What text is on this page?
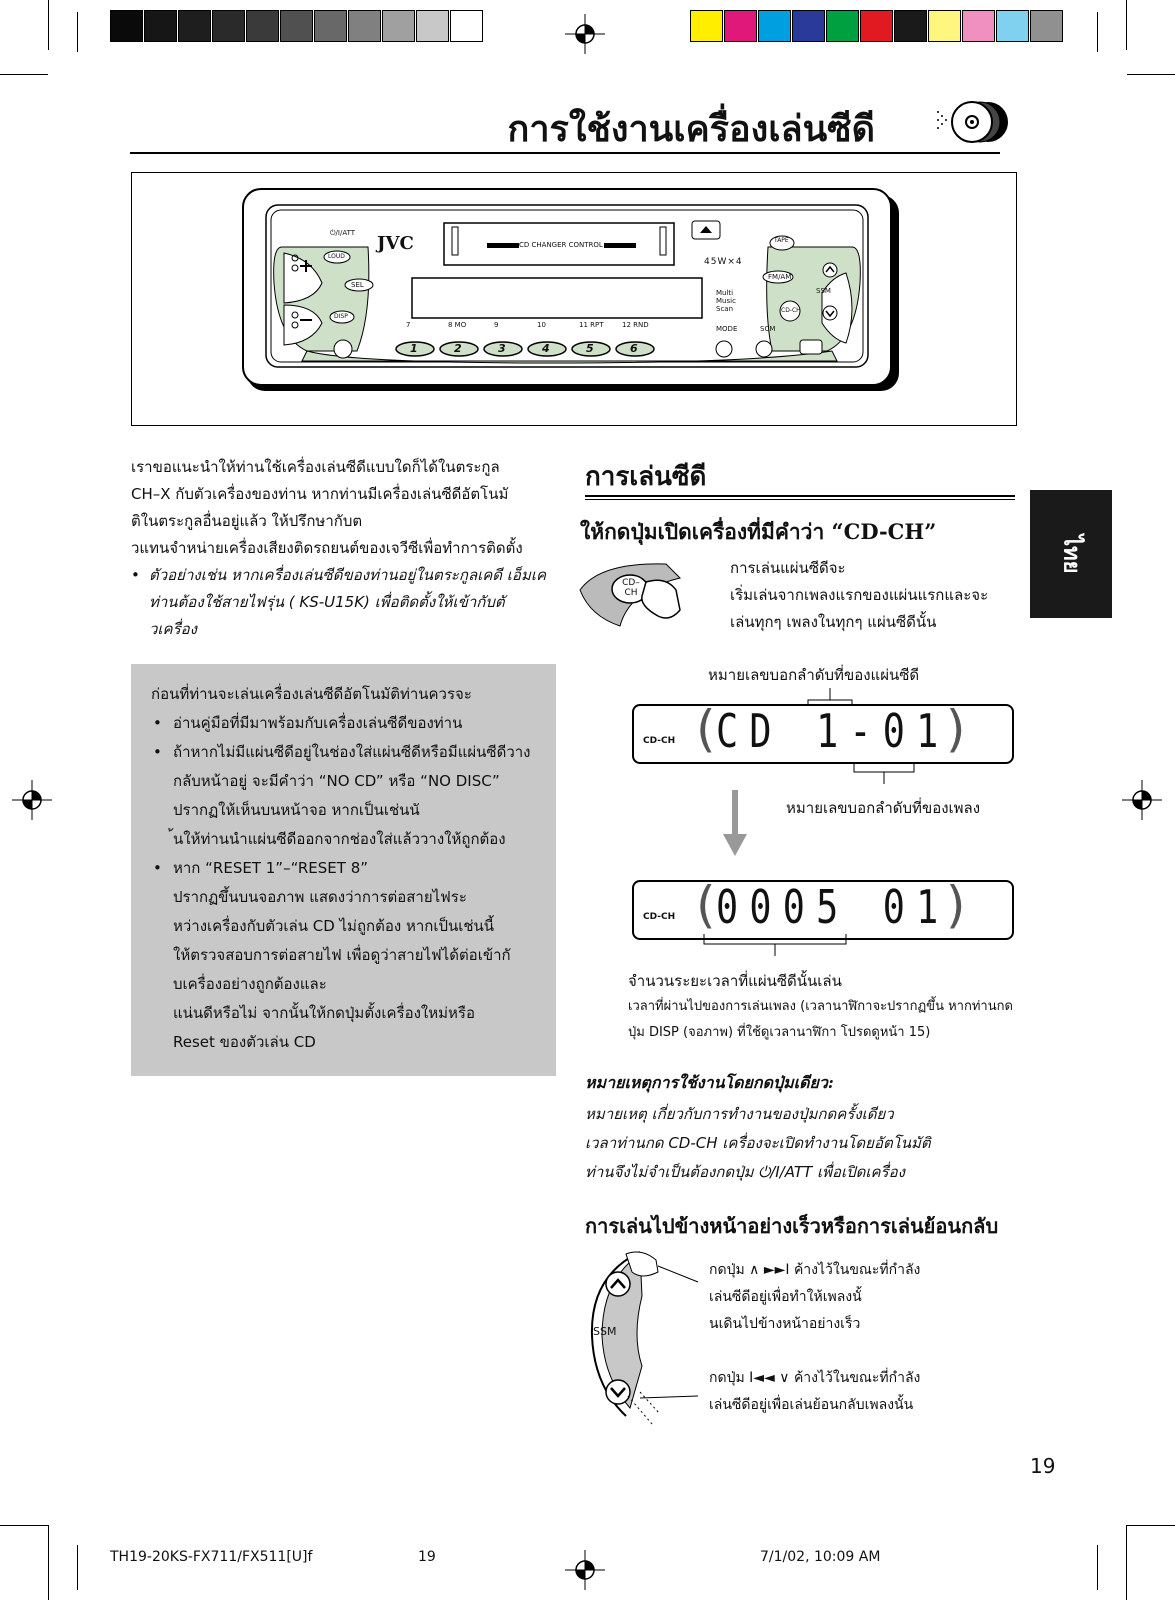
การใช้งานเครื่องเล่นซีดี
⏻/I/ATT JVC
LOUD
SEL
DISP
CD CHANGER CONTROL
45W×4
TAPE
FM/AM
SSM
CD-CH
Multi
Music
Scan
MODE	SCM
7	8 MO	9	10	11 RPT	12 RND
1	2	3	4	5	6

เราขอแนะนำให้ท่านใช้เครื่องเล่นซีดีแบบใดก็ได้ในตระกูล

CH–X กับตัวเครื่องของท่าน หากท่านมีเครื่องเล่นซีดีอัตโนมั

ติในตระกูลอื่นอยู่แล้ว ให้ปรึกษากับต

วแทนจำหน่ายเครื่องเสียงติดรถยนต์ของเจวีซีเพื่อทำการติดตั้ง

• ตัวอย่างเช่น หากเครื่องเล่นซีดีของท่านอยู่ในตระกูลเคดี เอ็มเค

ท่านต้องใช้สายไฟรุ่น ( KS-U15K) เพื่อติดตั้งให้เข้ากับตั

วเครื่อง

ก่อนที่ท่านจะเล่นเครื่องเล่นซีดีอัตโนมัติท่านควรจะ
• อ่านคู่มือที่มีมาพร้อมกับเครื่องเล่นซีดีของท่าน
• ถ้าหากไม่มีแผ่นซีดีอยู่ในช่องใส่แผ่นซีดีหรือมีแผ่นซีดีวาง
กลับหน้าอยู่ จะมีคำว่า “NO CD” หรือ “NO DISC”
ปรากฏให้เห็นบนหน้าจอ หากเป็นเช่นนั
้นให้ท่านนำแผ่นซีดีออกจากช่องใส่แล้ววางให้ถูกต้อง
• หาก “RESET 1”–“RESET 8”
ปรากฏขึ้นบนจอภาพ แสดงว่าการต่อสายไฟระ
หว่างเครื่องกับตัวเล่น CD ไม่ถูกต้อง หากเป็นเช่นนี้
ให้ตรวจสอบการต่อสายไฟ เพื่อดูว่าสายไฟได้ต่อเข้ากั
บเครื่องอย่างถูกต้องและ
แน่นดีหรือไม่ จากนั้นให้กดปุ่มตั้งเครื่องใหม่หรือ
Reset ของตัวเล่น CD
การเล่นซีดี
ให้กดปุ่มเปิดเครื่องที่มีคำว่า “CD-CH”
CD–CH
การเล่นแผ่นซีดีจะ
เริ่มเล่นจากเพลงแรกของแผ่นแรกและจะ
เล่นทุกๆ เพลงในทุกๆ แผ่นซีดีนั้น
หมายเลขบอกลำดับที่ของแผ่นซีดี
CD-CH ( CD 1-01
)
หมายเลขบอกลำดับที่ของเพลง
CD-CH ( 0005 01
)
จำนวนระยะเวลาที่แผ่นซีดีนั้นเล่น
เวลาที่ผ่านไปของการเล่นเพลง (เวลานาฬิกาจะปรากฏขึ้น หากท่านกด
ปุ่ม DISP (จอภาพ) ที่ใช้ดูเวลานาฬิกา โปรดดูหน้า 15)
หมายเหตุการใช้งานโดยกดปุ่มเดียว:
หมายเหตุ เกี่ยวกับการทำงานของปุ่มกดครั้งเดียว
เวลาท่านกด CD-CH เครื่องจะเปิดทำงานโดยอัตโนมัติ
ท่านจึงไม่จำเป็นต้องกดปุ่ม ⏻/I/ATT เพื่อเปิดเครื่อง
การเล่นไปข้างหน้าอย่างเร็วหรือการเล่นย้อนกลับ
SSM
กดปุ่ม ∧ ►►I ค้างไว้ในขณะที่กำลัง
เล่นซีดีอยู่เพื่อทำให้เพลงนั้
นเดินไปข้างหน้าอย่างเร็ว
กดปุ่ม I◄◄ ∨ ค้างไว้ในขณะที่กำลัง
เล่นซีดีอยู่เพื่อเล่นย้อนกลับเพลงนั้น
ไทย
19
TH19-20KS-FX711/FX511[U]f	19	7/1/02, 10:09 AM
